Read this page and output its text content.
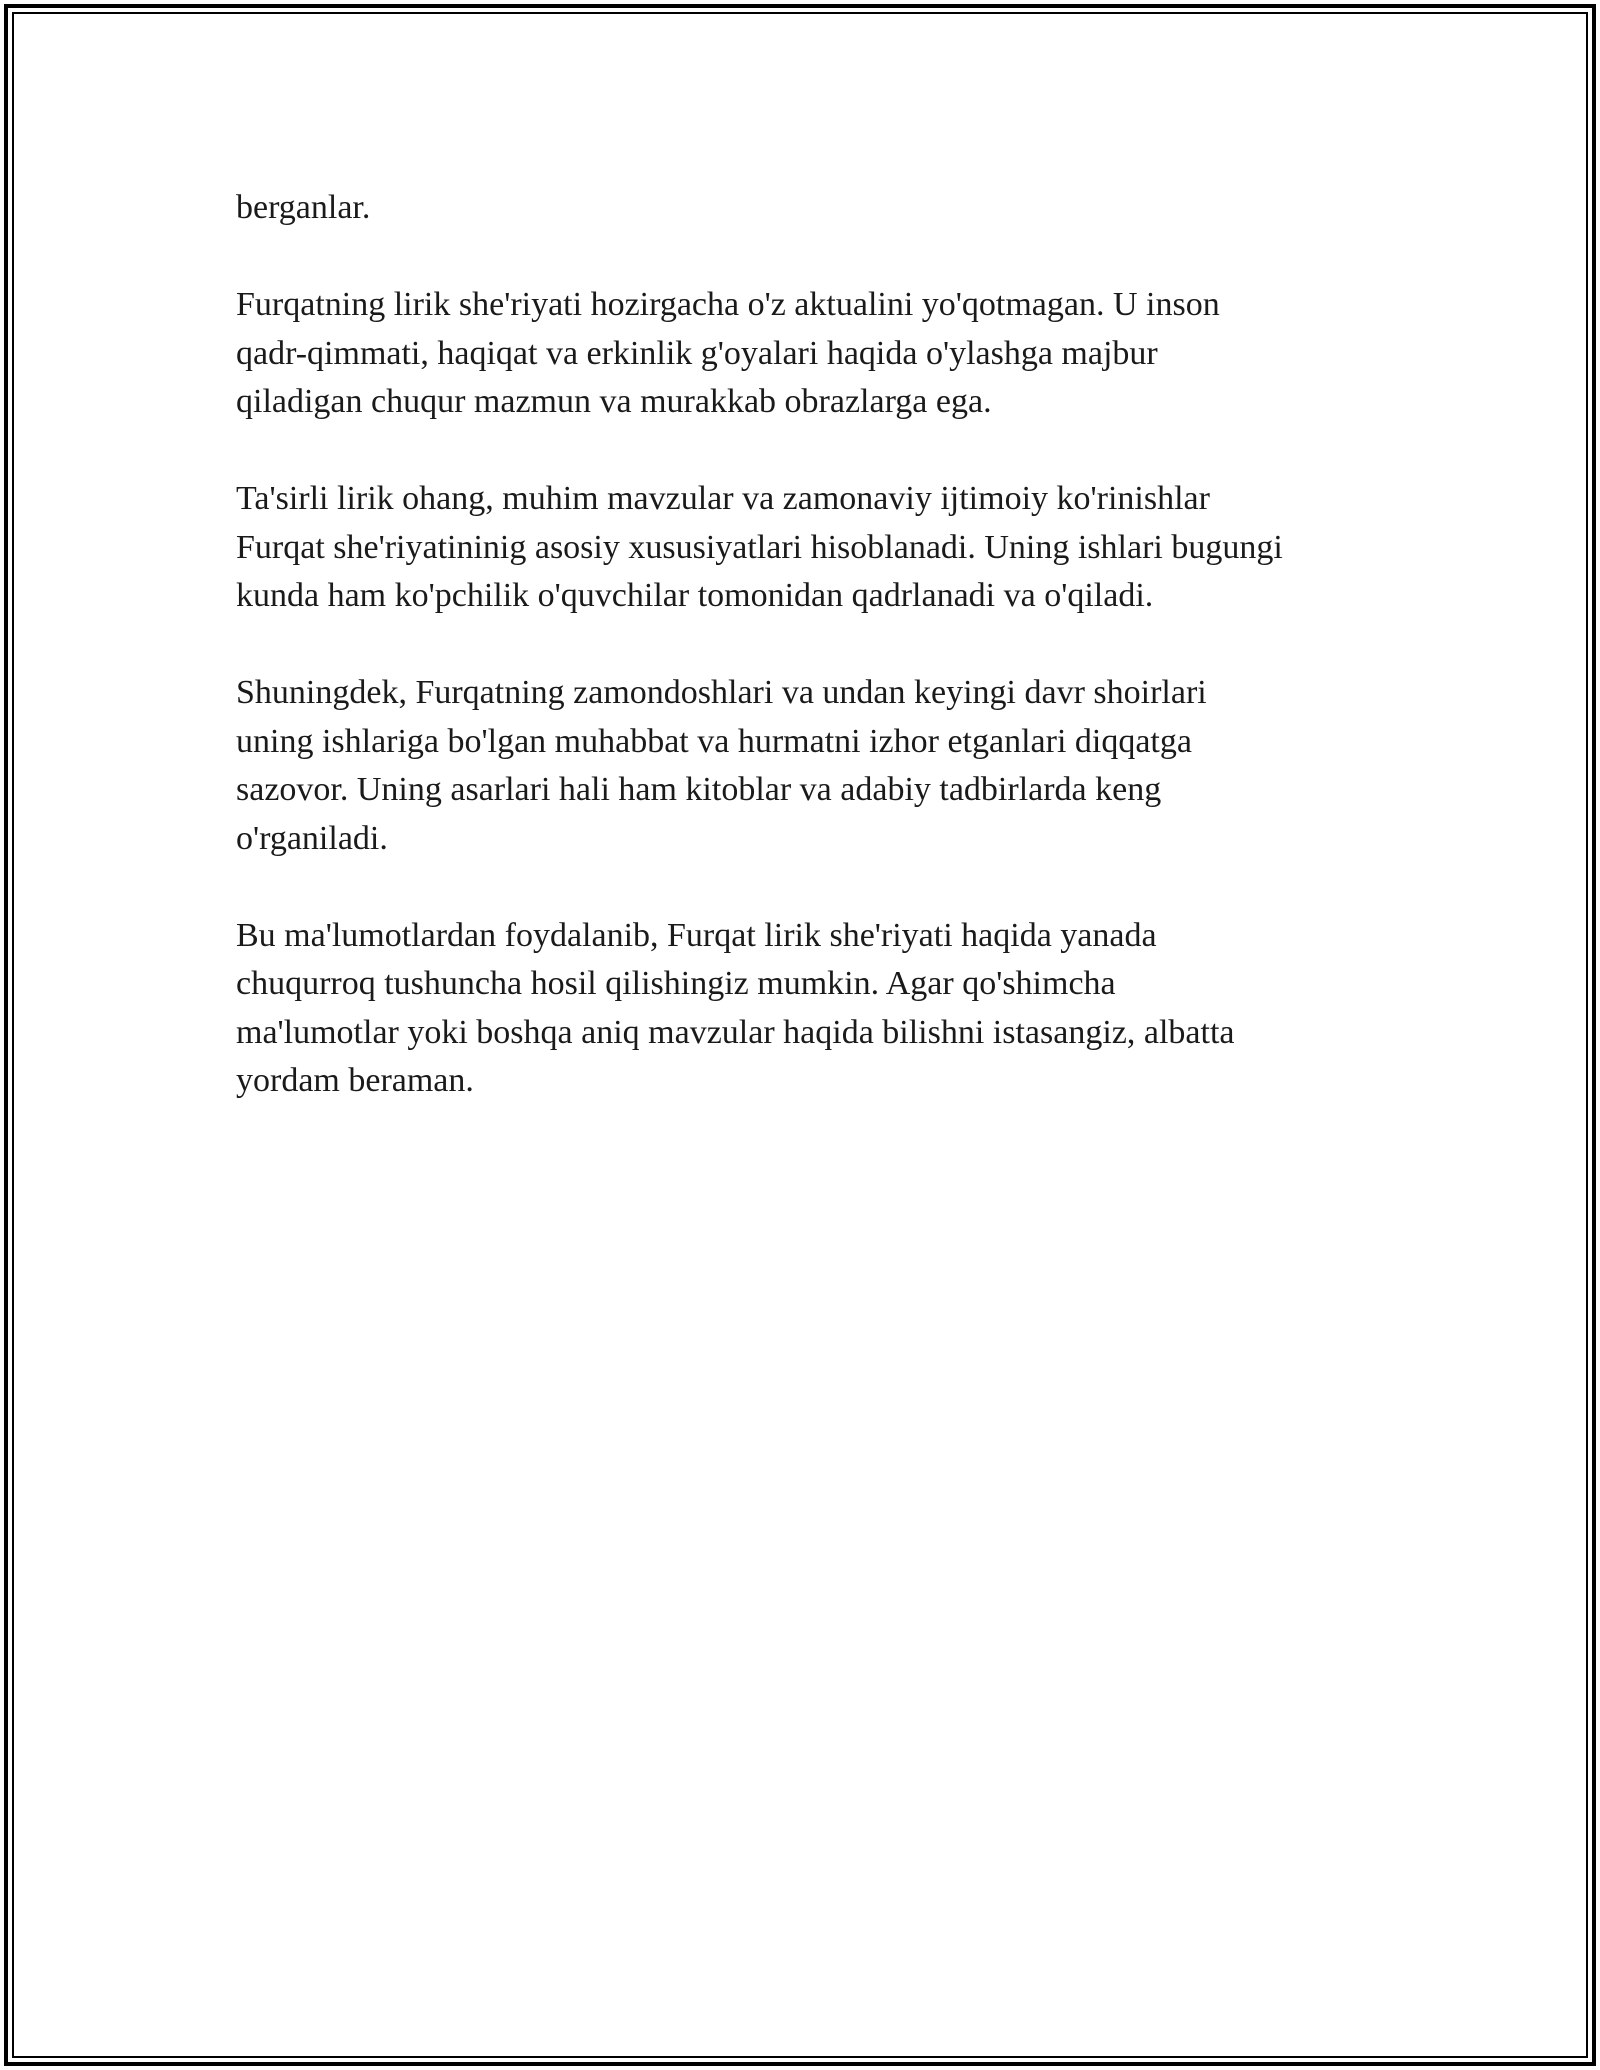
berganlar.

Furqatning lirik she'riyati hozirgacha o'z aktualini yo'qotmagan. U inson
qadr-qimmati, haqiqat va erkinlik g'oyalari haqida o'ylashga majbur
qiladigan chuqur mazmun va murakkab obrazlarga ega.

Ta'sirli lirik ohang, muhim mavzular va zamonaviy ijtimoiy ko'rinishlar
Furqat she'riyatininig asosiy xususiyatlari hisoblanadi. Uning ishlari bugungi
kunda ham ko'pchilik o'quvchilar tomonidan qadrlanadi va o'qiladi.

Shuningdek, Furqatning zamondoshlari va undan keyingi davr shoirlari
uning ishlariga bo'lgan muhabbat va hurmatni izhor etganlari diqqatga
sazovor. Uning asarlari hali ham kitoblar va adabiy tadbirlarda keng
o'rganiladi.

Bu ma'lumotlardan foydalanib, Furqat lirik she'riyati haqida yanada
chuqurroq tushuncha hosil qilishingiz mumkin. Agar qo'shimcha
ma'lumotlar yoki boshqa aniq mavzular haqida bilishni istasangiz, albatta
yordam beraman.
